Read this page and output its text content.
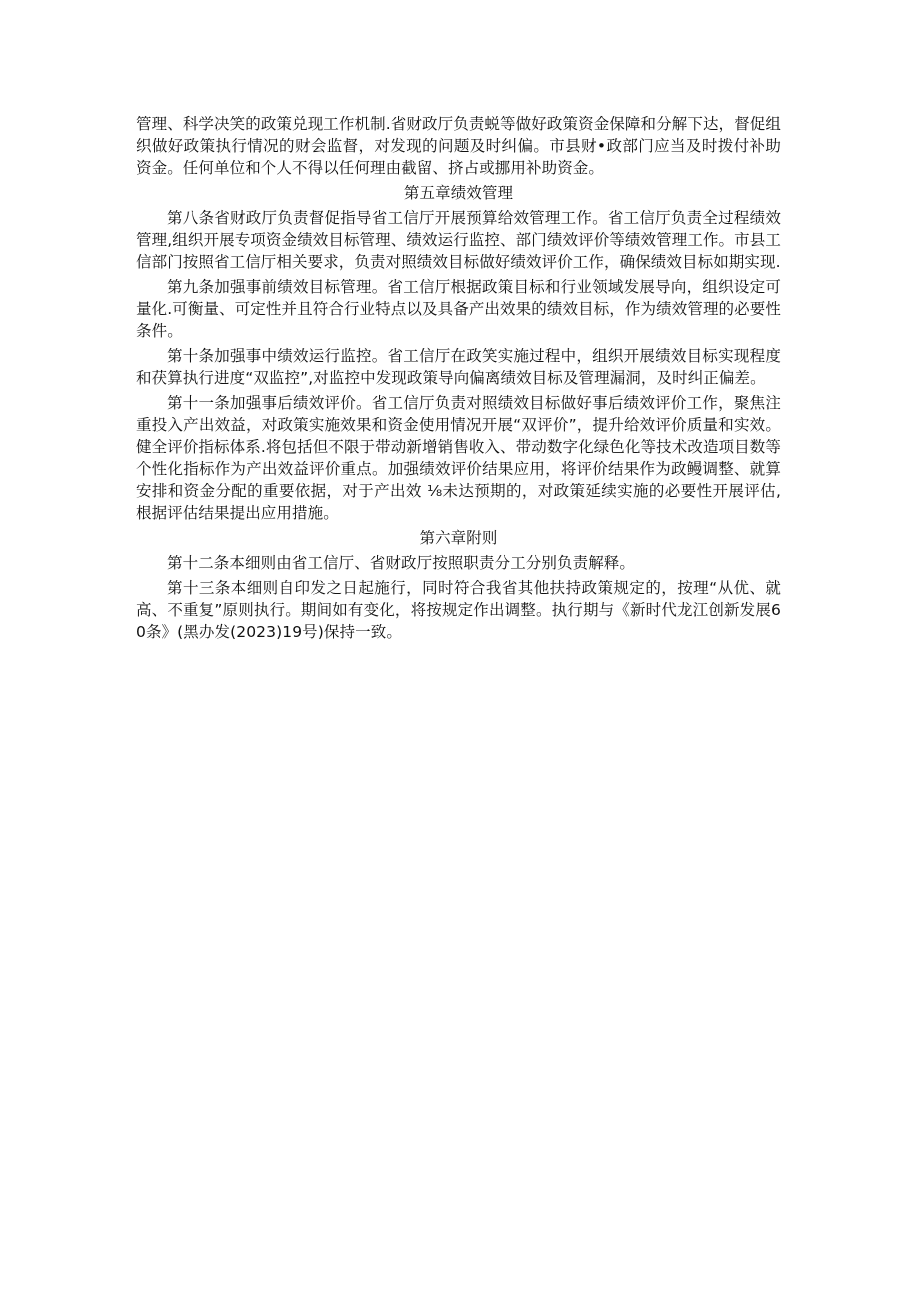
管理、科学决笑的政策兑现工作机制.省财政厅负责蜕等做好政策资金保障和分解下达，督促组织做好政策执行情况的财会监督，对发现的问题及时纠偏。市县财•政部门应当及时拨付补助资金。任何单位和个人不得以任何理由截留、挤占或挪用补助资金。

第五章绩效管理

第八条省财政厅负责督促指导省工信厅开展预算给效管理工作。省工信厅负责全过程绩效管理,组织开展专项资金绩效目标管理、绩效运行监控、部门绩效评价等绩效管理工作。市县工信部门按照省工信厅相关要求，负责对照绩效目标做好绩效评价工作，确保绩效目标如期实现.

第九条加强事前绩效目标管理。省工信厅根据政策目标和行业领域发展导向，组织设定可量化.可衡量、可定性并且符合行业特点以及具备产出效果的绩效目标，作为绩效管理的必要性条件。

第十条加强事中绩效运行监控。省工信厅在政笑实施过程中，组织开展绩效目标实现程度和茯算执行进度“双监控”,对监控中发现政策导向偏离绩效目标及管理漏洞，及时纠正偏差。

第十一条加强事后绩效评价。省工信厅负责对照绩效目标做好事后绩效评价工作，聚焦注重投入产出效益，对政策实施效果和资金使用情况开展“双评价”，提升给效评价质量和实效。健全评价指标体系.将包括但不限于带动新增销售收入、带动数字化绿色化等技术改造项目数等个性化指标作为产出效益评价重点。加强绩效评价结果应用，将评价结果作为政鳗调整、就算安排和资金分配的重要依据，对于产出效 ⅛未达预期的，对政策延续实施的必要性开展评估,根据评估结果提出应用措施。

第六章附则

第十二条本细则由省工信厅、省财政厅按照职责分工分别负责解释。

第十三条本细则自印发之日起施行，同时符合我省其他扶持政策规定的，按理“从优、就高、不重复”原则执行。期间如有变化，将按规定作出调整。执行期与《新时代龙江创新发展60条》(黑办发(2023)19号)保持一致。
